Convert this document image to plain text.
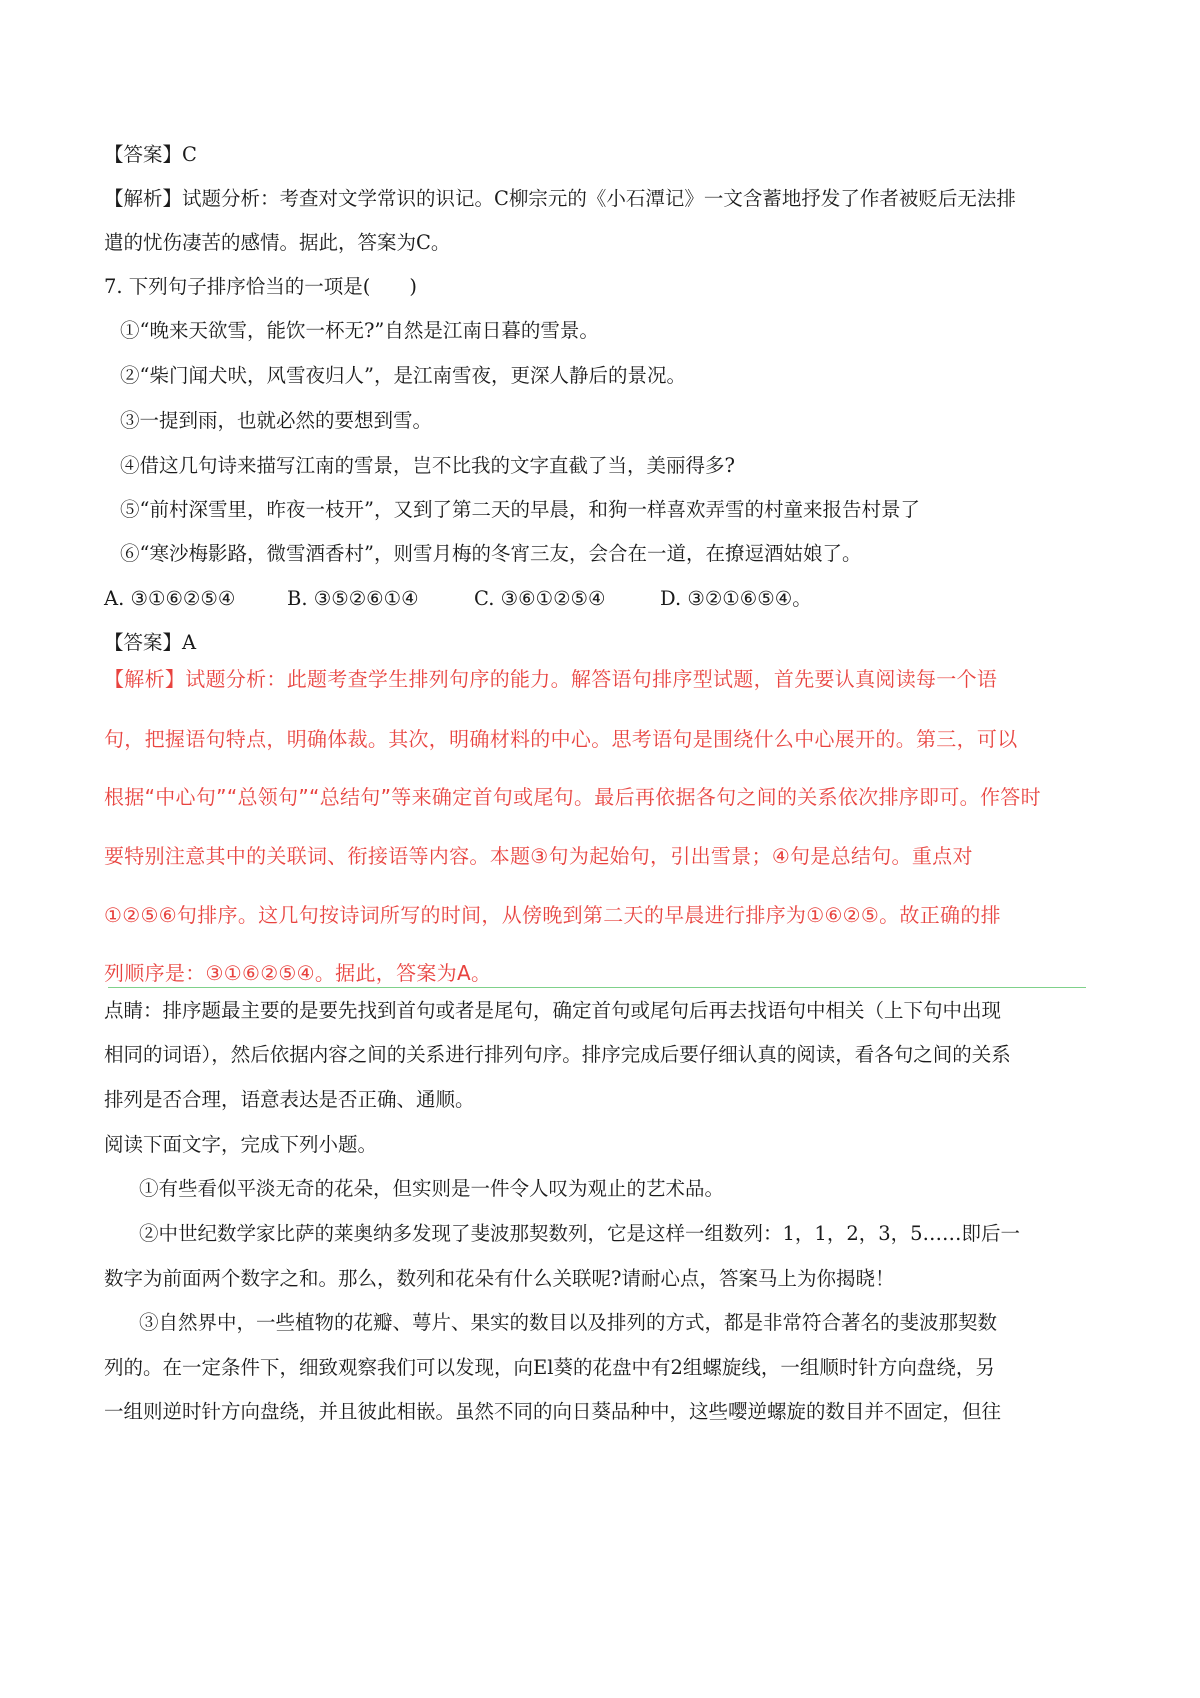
【答案】C
【解析】试题分析：考查对文学常识的识记。C柳宗元的《小石潭记》一文含蓄地抒发了作者被贬后无法排
遣的忧伤凄苦的感情。据此，答案为C。
7. 下列句子排序恰当的一项是(　　)
①“晚来天欲雪，能饮一杯无?”自然是江南日暮的雪景。
②“柴门闻犬吠，风雪夜归人”，是江南雪夜，更深人静后的景况。
③一提到雨，也就必然的要想到雪。
④借这几句诗来描写江南的雪景，岂不比我的文字直截了当，美丽得多?
⑤“前村深雪里，昨夜一枝开”，又到了第二天的早晨，和狗一样喜欢弄雪的村童来报告村景了
⑥“寒沙梅影路，微雪酒香村”，则雪月梅的冬宵三友，会合在一道，在撩逗酒姑娘了。
A. ③①⑥②⑤④	B. ③⑤②⑥①④	C. ③⑥①②⑤④	D. ③②①⑥⑤④。
【答案】A
【解析】试题分析：此题考查学生排列句序的能力。解答语句排序型试题，首先要认真阅读每一个语
句，把握语句特点，明确体裁。其次，明确材料的中心。思考语句是围绕什么中心展开的。第三，可以
根据“中心句”“总领句”“总结句”等来确定首句或尾句。最后再依据各句之间的关系依次排序即可。作答时
要特别注意其中的关联词、衔接语等内容。本题③句为起始句，引出雪景；④句是总结句。重点对
①②⑤⑥句排序。这几句按诗词所写的时间，从傍晚到第二天的早晨进行排序为①⑥②⑤。故正确的排
列顺序是：③①⑥②⑤④。据此，答案为A。
点睛：排序题最主要的是要先找到首句或者是尾句，确定首句或尾句后再去找语句中相关（上下句中出现
相同的词语），然后依据内容之间的关系进行排列句序。排序完成后要仔细认真的阅读，看各句之间的关系
排列是否合理，语意表达是否正确、通顺。
阅读下面文字，完成下列小题。
①有些看似平淡无奇的花朵，但实则是一件令人叹为观止的艺术品。
②中世纪数学家比萨的莱奥纳多发现了斐波那契数列，它是这样一组数列：1，1，2，3，5……即后一
数字为前面两个数字之和。那么，数列和花朵有什么关联呢?请耐心点，答案马上为你揭晓！
③自然界中，一些植物的花瓣、萼片、果实的数目以及排列的方式，都是非常符合著名的斐波那契数
列的。在一定条件下，细致观察我们可以发现，向El葵的花盘中有2组螺旋线，一组顺时针方向盘绕，另
一组则逆时针方向盘绕，并且彼此相嵌。虽然不同的向日葵品种中，这些嘤逆螺旋的数目并不固定，但往
